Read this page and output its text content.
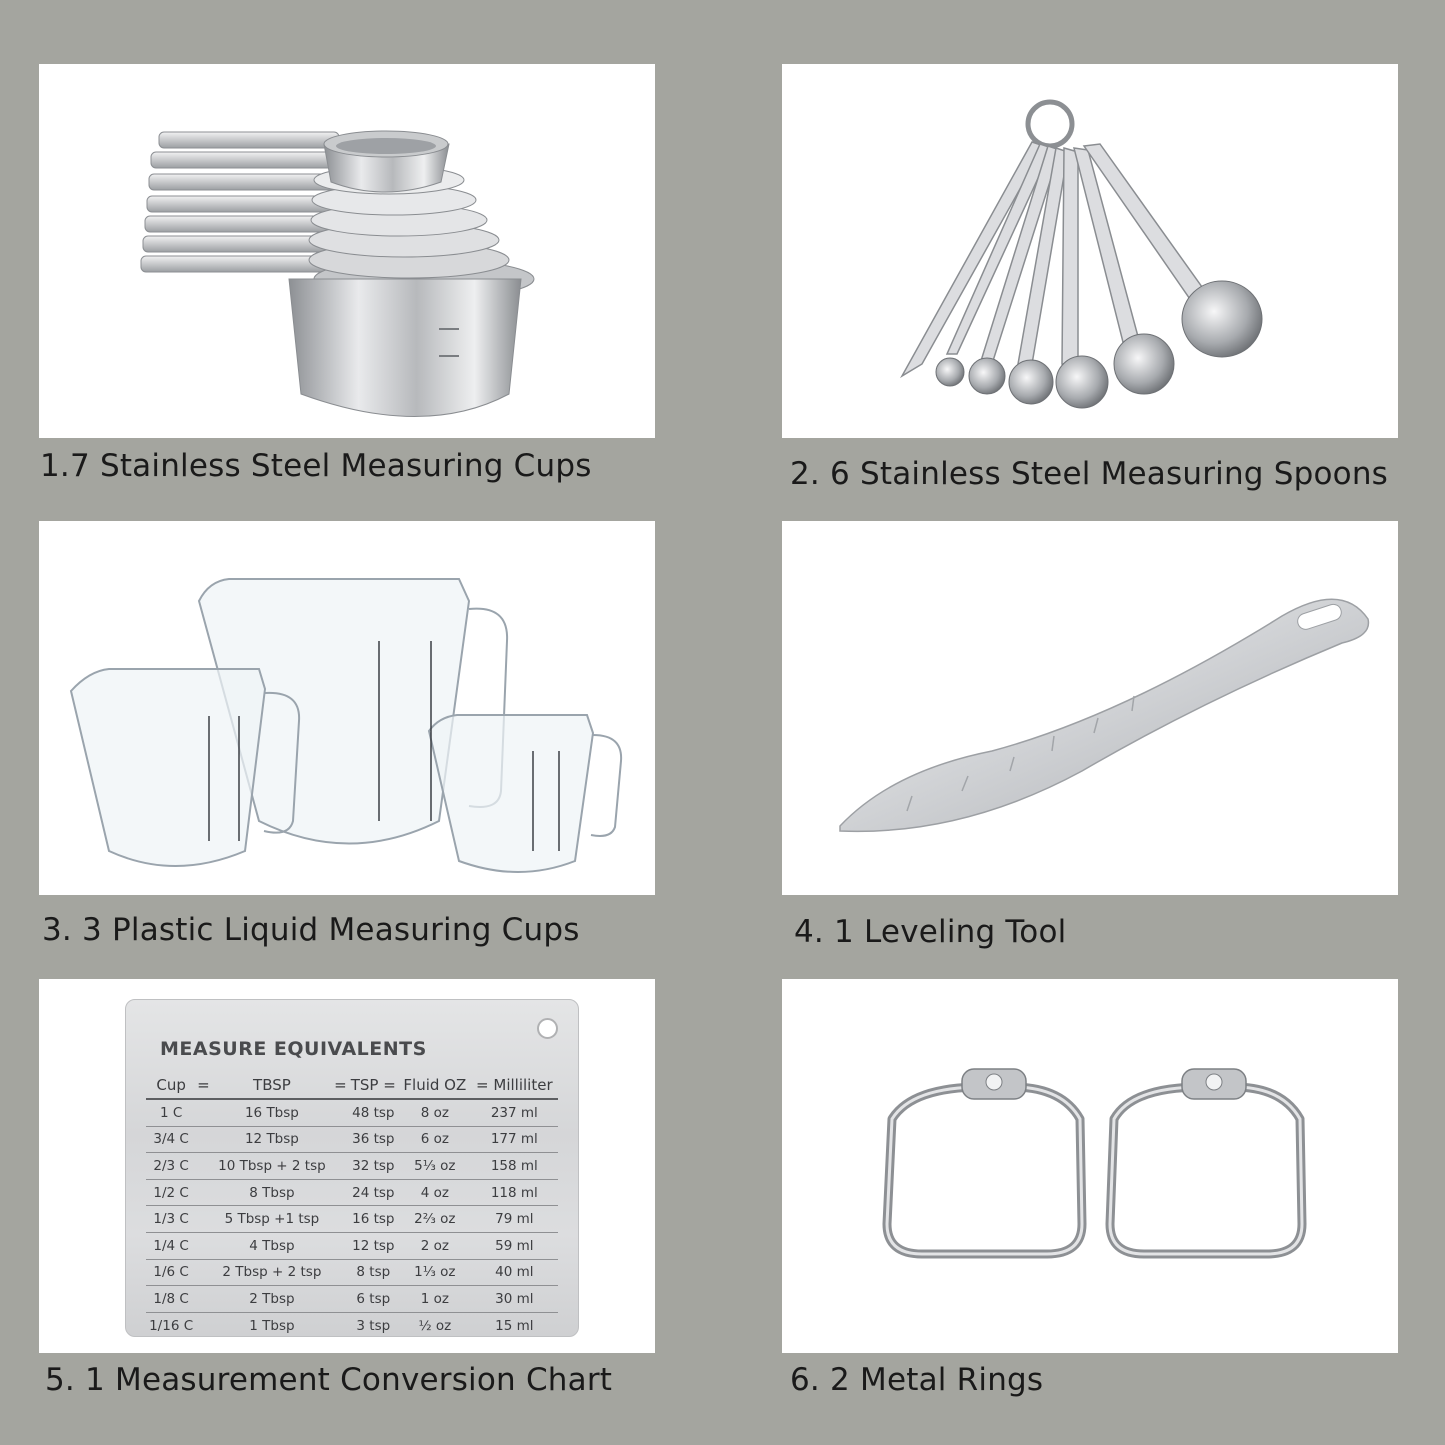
1.7 Stainless Steel Measuring Cups	2. 6 Stainless Steel Measuring Spoons
3. 3 Plastic Liquid Measuring Cups	4. 1 Leveling Tool
MEASURE EQUIVALENTS
Cup	=	TBSP	=	TSP =	Fluid OZ	= Milliliter
1 C		16 Tbsp		48 tsp	8 oz	237 ml
3/4 C		12 Tbsp		36 tsp	6 oz	177 ml
2/3 C		10 Tbsp + 2 tsp		32 tsp	5⅓ oz	158 ml
1/2 C		8 Tbsp		24 tsp	4 oz	118 ml
1/3 C		5 Tbsp +1 tsp		16 tsp	2⅔ oz	79 ml
1/4 C		4 Tbsp		12 tsp	2 oz	59 ml
1/6 C		2 Tbsp + 2 tsp		8 tsp	1⅓ oz	40 ml
1/8 C		2 Tbsp		6 tsp	1 oz	30 ml
1/16 C		1 Tbsp		3 tsp	½ oz	15 ml
5. 1 Measurement Conversion Chart	6. 2 Metal Rings
